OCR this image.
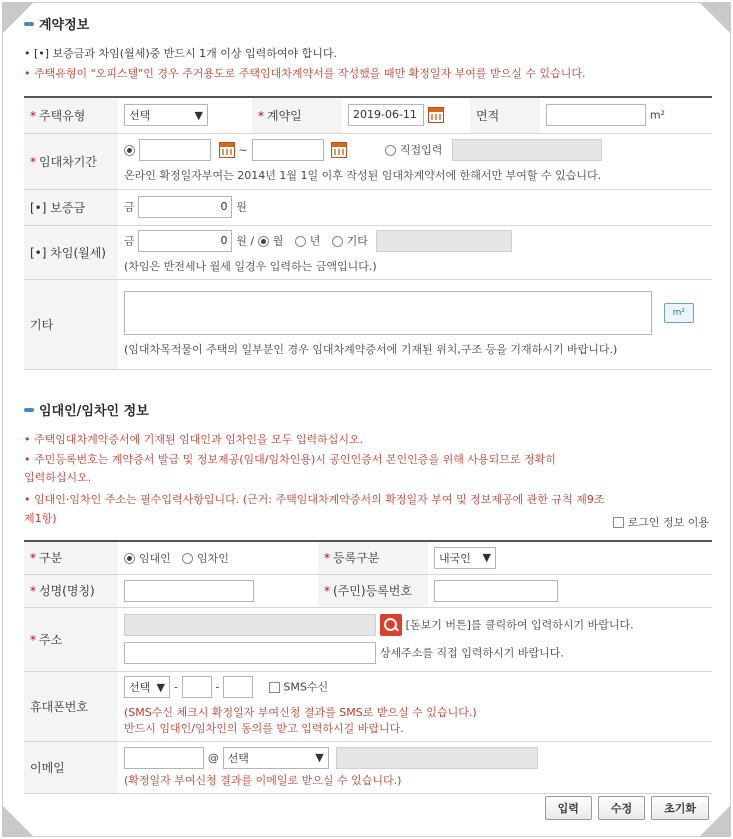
계약정보
• [•] 보증금과 차임(월세)중 반드시 1개 이상 입력하여야 합니다.
• 주택유형이 "오피스텔"인 경우 주거용도로 주택임대차계약서를 작성했을 때만 확정일자 부여를 받으실 수 있습니다.
* 주택유형	선택 ▼	* 계약일	2019-06-11	면적	m²
* 임대차기간	~ 직접입력
온라인 확정일자부여는 2014년 1월 1일 이후 작성된 임대차계약서에 한해서만 부여할 수 있습니다.				

[•] 보증금	금 0 원				
[•] 차임(월세)	금 0 원 / 월 년 기타
(차임은 반전세나 월세 일경우 입력하는 금액입니다.)				

기타	m²
(임대차목적물이 주택의 일부분인 경우 임대차계약증서에 기재된 위치,구조 등을 기재하시기 바랍니다.)				
임대인/임차인 정보
• 주택임대차계약증서에 기재된 임대인과 임차인을 모두 입력하십시오.
• 주민등록번호는 계약증서 발급 및 정보제공(임대/임차인용)시 공인인증서 본인인증을 위해 사용되므로 정확히
입력하십시오.
• 임대인·임차인 주소는 필수입력사항입니다. (근거: 주택임대차계약증서의 확정일자 부여 및 정보제공에 관한 규칙 제9조
제1항)	로그인 정보 이용
* 구분	임대인 임차인	* 등록구분	내국인 ▼

* 성명(명칭)		* (주민)등록번호	
* 주소	[돋보기 버튼]를 클릭하여 입력하시기 바랍니다.
상세주소를 직접 입력하시기 바랍니다.		

휴대폰번호	선택 ▼ - - SMS수신
(SMS수신 체크시 확정일자 부여신청 결과를 SMS로 받으실 수 있습니다.)
반드시 임대인/임차인의 동의를 받고 입력하시길 바랍니다.		

이메일	@ 선택 ▼

(확정일자 부여신청 결과를 이메일로 받으실 수 있습니다.)		
입력	수정	초기화
